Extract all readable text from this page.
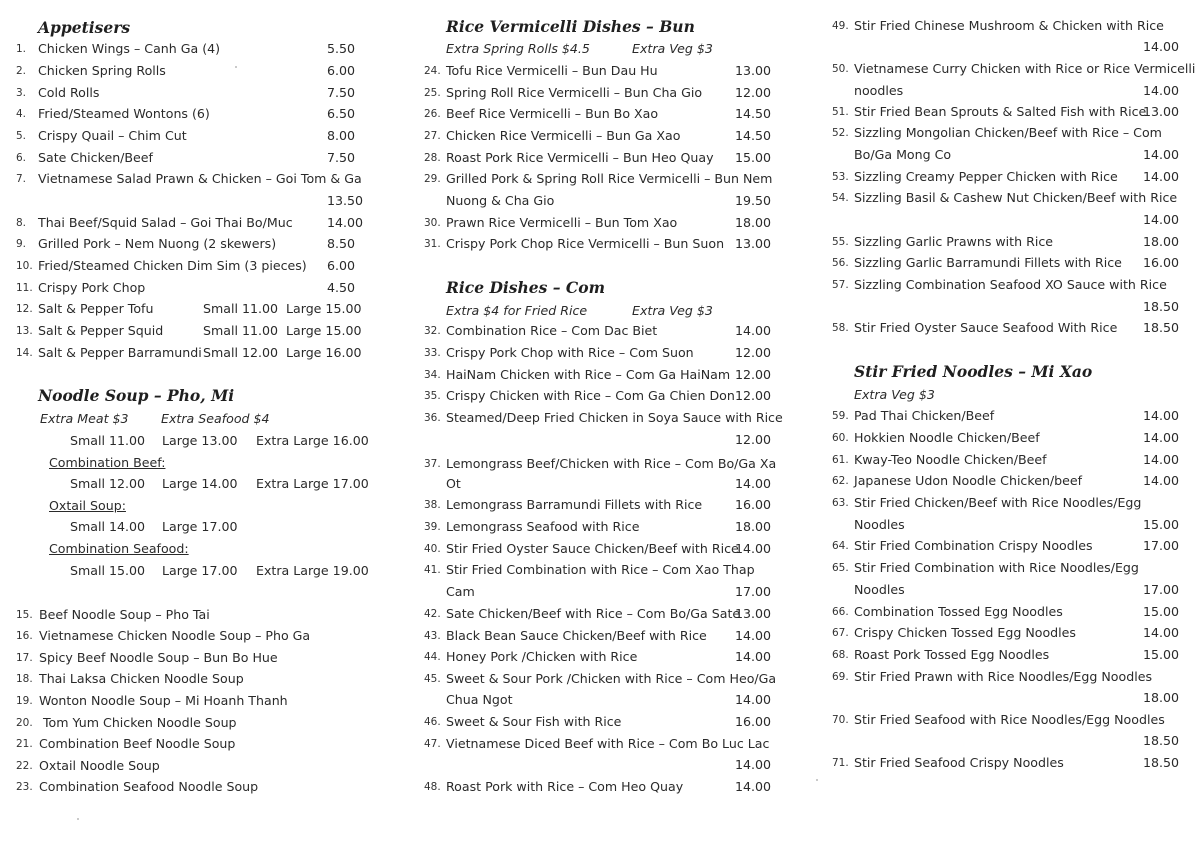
Appetisers
1. Chicken Wings – Canh Ga (4)	5.50
2. Chicken Spring Rolls	6.00
3. Cold Rolls	7.50
4. Fried/Steamed Wontons (6)	6.50
5. Crispy Quail – Chim Cut	8.00
6. Sate Chicken/Beef	7.50
7. Vietnamese Salad Prawn & Chicken – Goi Tom & Ga
13.50
8. Thai Beef/Squid Salad – Goi Thai Bo/Muc	14.00
9. Grilled Pork – Nem Nuong (2 skewers)	8.50
10. Fried/Steamed Chicken Dim Sim (3 pieces) 6.00
11. Crispy Pork Chop	4.50
12. Salt & Pepper Tofu	Small 11.00 Large 15.00
13. Salt & Pepper Squid	Small 11.00 Large 15.00
14. Salt & Pepper Barramundi Small 12.00 Large 16.00
Noodle Soup – Pho, Mi
Extra Meat $3	Extra Seafood $4
Small 11.00 Large 13.00 Extra Large 16.00
Combination Beef:
Small 12.00 Large 14.00 Extra Large 17.00
Oxtail Soup:
Small 14.00 Large 17.00
Combination Seafood:
Small 15.00 Large 17.00 Extra Large 19.00
15. Beef Noodle Soup – Pho Tai
16. Vietnamese Chicken Noodle Soup – Pho Ga
17. Spicy Beef Noodle Soup – Bun Bo Hue
18. Thai Laksa Chicken Noodle Soup
19. Wonton Noodle Soup – Mi Hoanh Thanh
20. Tom Yum Chicken Noodle Soup
21. Combination Beef Noodle Soup
22. Oxtail Noodle Soup
23. Combination Seafood Noodle Soup
Rice Vermicelli Dishes – Bun
Extra Spring Rolls $4.5	Extra Veg $3
24. Tofu Rice Vermicelli – Bun Dau Hu	13.00
25. Spring Roll Rice Vermicelli – Bun Cha Gio	12.00
26. Beef Rice Vermicelli – Bun Bo Xao	14.50
27. Chicken Rice Vermicelli – Bun Ga Xao	14.50
28. Roast Pork Rice Vermicelli – Bun Heo Quay 15.00
29. Grilled Pork & Spring Roll Rice Vermicelli – Bun Nem
Nuong & Cha Gio	19.50
30. Prawn Rice Vermicelli – Bun Tom Xao	18.00
31. Crispy Pork Chop Rice Vermicelli – Bun Suon 13.00
Rice Dishes – Com
Extra $4 for Fried Rice	Extra Veg $3
32. Combination Rice – Com Dac Biet	14.00
33. Crispy Pork Chop with Rice – Com Suon	12.00
34. HaiNam Chicken with Rice – Com Ga HaiNam 12.00
35. Crispy Chicken with Rice – Com Ga Chien Don 12.00
36. Steamed/Deep Fried Chicken in Soya Sauce with Rice
12.00
37. Lemongrass Beef/Chicken with Rice – Com Bo/Ga Xa
Ot	14.00
38. Lemongrass Barramundi Fillets with Rice	16.00
39. Lemongrass Seafood with Rice	18.00
40. Stir Fried Oyster Sauce Chicken/Beef with Rice
14.00
41. Stir Fried Combination with Rice – Com Xao Thap
Cam	17.00
42. Sate Chicken/Beef with Rice – Com Bo/Ga Sate
13.00
43. Black Bean Sauce Chicken/Beef with Rice 14.00
44. Honey Pork /Chicken with Rice	14.00
45. Sweet & Sour Pork /Chicken with Rice – Com Heo/Ga
Chua Ngot	14.00
46. Sweet & Sour Fish with Rice	16.00
47. Vietnamese Diced Beef with Rice – Com Bo Luc Lac
14.00
48. Roast Pork with Rice – Com Heo Quay	14.00
49. Stir Fried Chinese Mushroom & Chicken with Rice
14.00
50. Vietnamese Curry Chicken with Rice or Rice Vermicelli
noodles	14.00
51. Stir Fried Bean Sprouts & Salted Fish with Rice
13.00
52. Sizzling Mongolian Chicken/Beef with Rice – Com
Bo/Ga Mong Co	14.00
53. Sizzling Creamy Pepper Chicken with Rice 14.00
54. Sizzling Basil & Cashew Nut Chicken/Beef with Rice
14.00
55. Sizzling Garlic Prawns with Rice	18.00
56. Sizzling Garlic Barramundi Fillets with Rice 16.00
57. Sizzling Combination Seafood XO Sauce with Rice
18.50
58. Stir Fried Oyster Sauce Seafood With Rice 18.50
Stir Fried Noodles – Mi Xao
Extra Veg $3
59. Pad Thai Chicken/Beef	14.00
60. Hokkien Noodle Chicken/Beef	14.00
61. Kway-Teo Noodle Chicken/Beef	14.00
62. Japanese Udon Noodle Chicken/beef	14.00
63. Stir Fried Chicken/Beef with Rice Noodles/Egg
Noodles	15.00
64. Stir Fried Combination Crispy Noodles	17.00
65. Stir Fried Combination with Rice Noodles/Egg
Noodles	17.00
66. Combination Tossed Egg Noodles	15.00
67. Crispy Chicken Tossed Egg Noodles	14.00
68. Roast Pork Tossed Egg Noodles	15.00
69. Stir Fried Prawn with Rice Noodles/Egg Noodles
18.00
70. Stir Fried Seafood with Rice Noodles/Egg Noodles
18.50
71. Stir Fried Seafood Crispy Noodles	18.50
